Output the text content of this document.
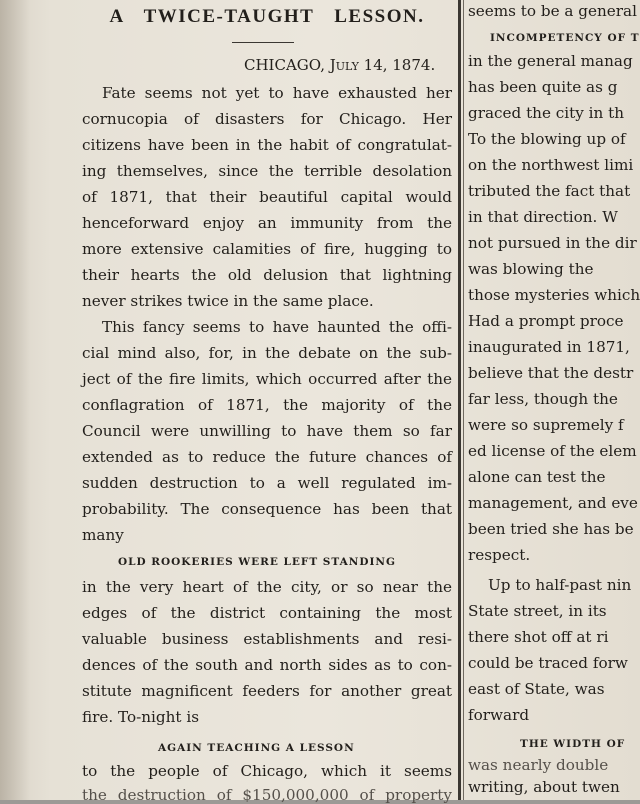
A TWICE-TAUGHT LESSON.
CHICAGO, July 14, 1874.
Fate seems not yet to have exhausted her
cornucopia of disasters for Chicago. Her
citizens have been in the habit of congratulat-
ing themselves, since the terrible desolation
of 1871, that their beautiful capital would
henceforward enjoy an immunity from the
more extensive calamities of fire, hugging to
their hearts the old delusion that lightning
never strikes twice in the same place.
This fancy seems to have haunted the offi-
cial mind also, for, in the debate on the sub-
ject of the fire limits, which occurred after the
conflagration of 1871, the majority of the
Council were unwilling to have them so far
extended as to reduce the future chances of
sudden destruction to a well regulated im-
probability. The consequence has been that
many
OLD ROOKERIES WERE LEFT STANDING
in the very heart of the city, or so near the
edges of the district containing the most
valuable business establishments and resi-
dences of the south and north sides as to con-
stitute magnificent feeders for another great
fire. To-night is
AGAIN TEACHING A LESSON
to the people of Chicago, which it seems
the destruction of $150,000,000 of property
seems to be a general
INCOMPETENCY OF T
in the general manag
has been quite as g
graced the city in th
To the blowing up of
on the northwest limi
tributed the fact that
in that direction. W
not pursued in the dir
was blowing the
those mysteries which
Had a prompt proce
inaugurated in 1871,
believe that the destr
far less, though the
were so supremely f
ed license of the elem
alone can test the
management, and eve
been tried she has be
respect.
Up to half-past nin
State street, in its
there shot off at ri
could be traced forw
east of State, was
forward
THE WIDTH OF
was nearly double
writing, about twen
